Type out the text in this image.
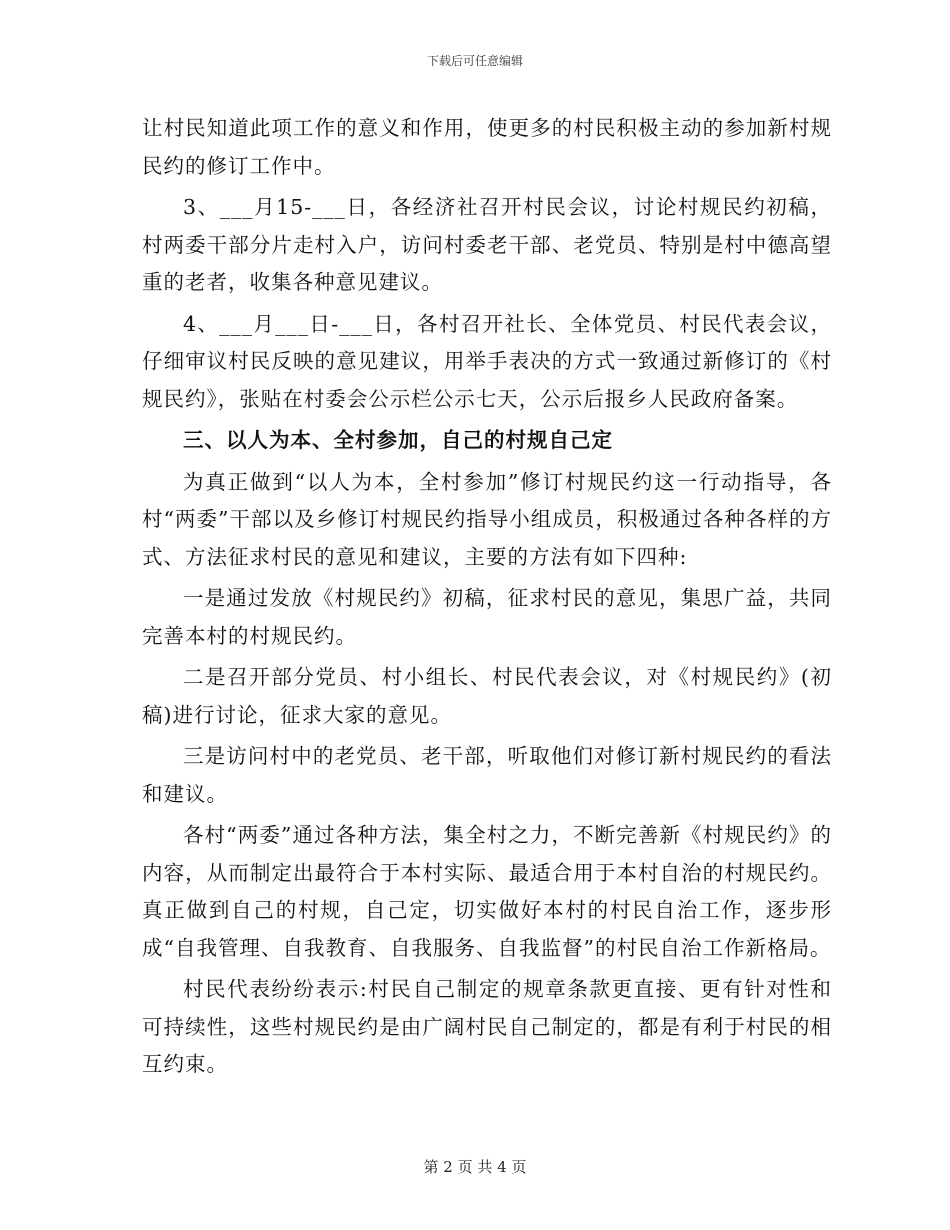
下载后可任意编辑

让村民知道此项工作的意义和作用，使更多的村民积极主动的参加新村规民约的修订工作中。

3、___月15-___日，各经济社召开村民会议，讨论村规民约初稿，村两委干部分片走村入户，访问村委老干部、老党员、特别是村中德高望重的老者，收集各种意见建议。

4、___月___日-___日，各村召开社长、全体党员、村民代表会议，仔细审议村民反映的意见建议，用举手表决的方式一致通过新修订的《村规民约》，张贴在村委会公示栏公示七天，公示后报乡人民政府备案。

三、以人为本、全村参加，自己的村规自己定

为真正做到“以人为本，全村参加”修订村规民约这一行动指导，各村“两委”干部以及乡修订村规民约指导小组成员，积极通过各种各样的方式、方法征求村民的意见和建议，主要的方法有如下四种:

一是通过发放《村规民约》初稿，征求村民的意见，集思广益，共同完善本村的村规民约。

二是召开部分党员、村小组长、村民代表会议，对《村规民约》(初稿)进行讨论，征求大家的意见。

三是访问村中的老党员、老干部，听取他们对修订新村规民约的看法和建议。

各村“两委”通过各种方法，集全村之力，不断完善新《村规民约》的内容，从而制定出最符合于本村实际、最适合用于本村自治的村规民约。真正做到自己的村规，自己定，切实做好本村的村民自治工作，逐步形成“自我管理、自我教育、自我服务、自我监督”的村民自治工作新格局。

村民代表纷纷表示:村民自己制定的规章条款更直接、更有针对性和可持续性，这些村规民约是由广阔村民自己制定的，都是有利于村民的相互约束。

第 2 页 共 4 页
